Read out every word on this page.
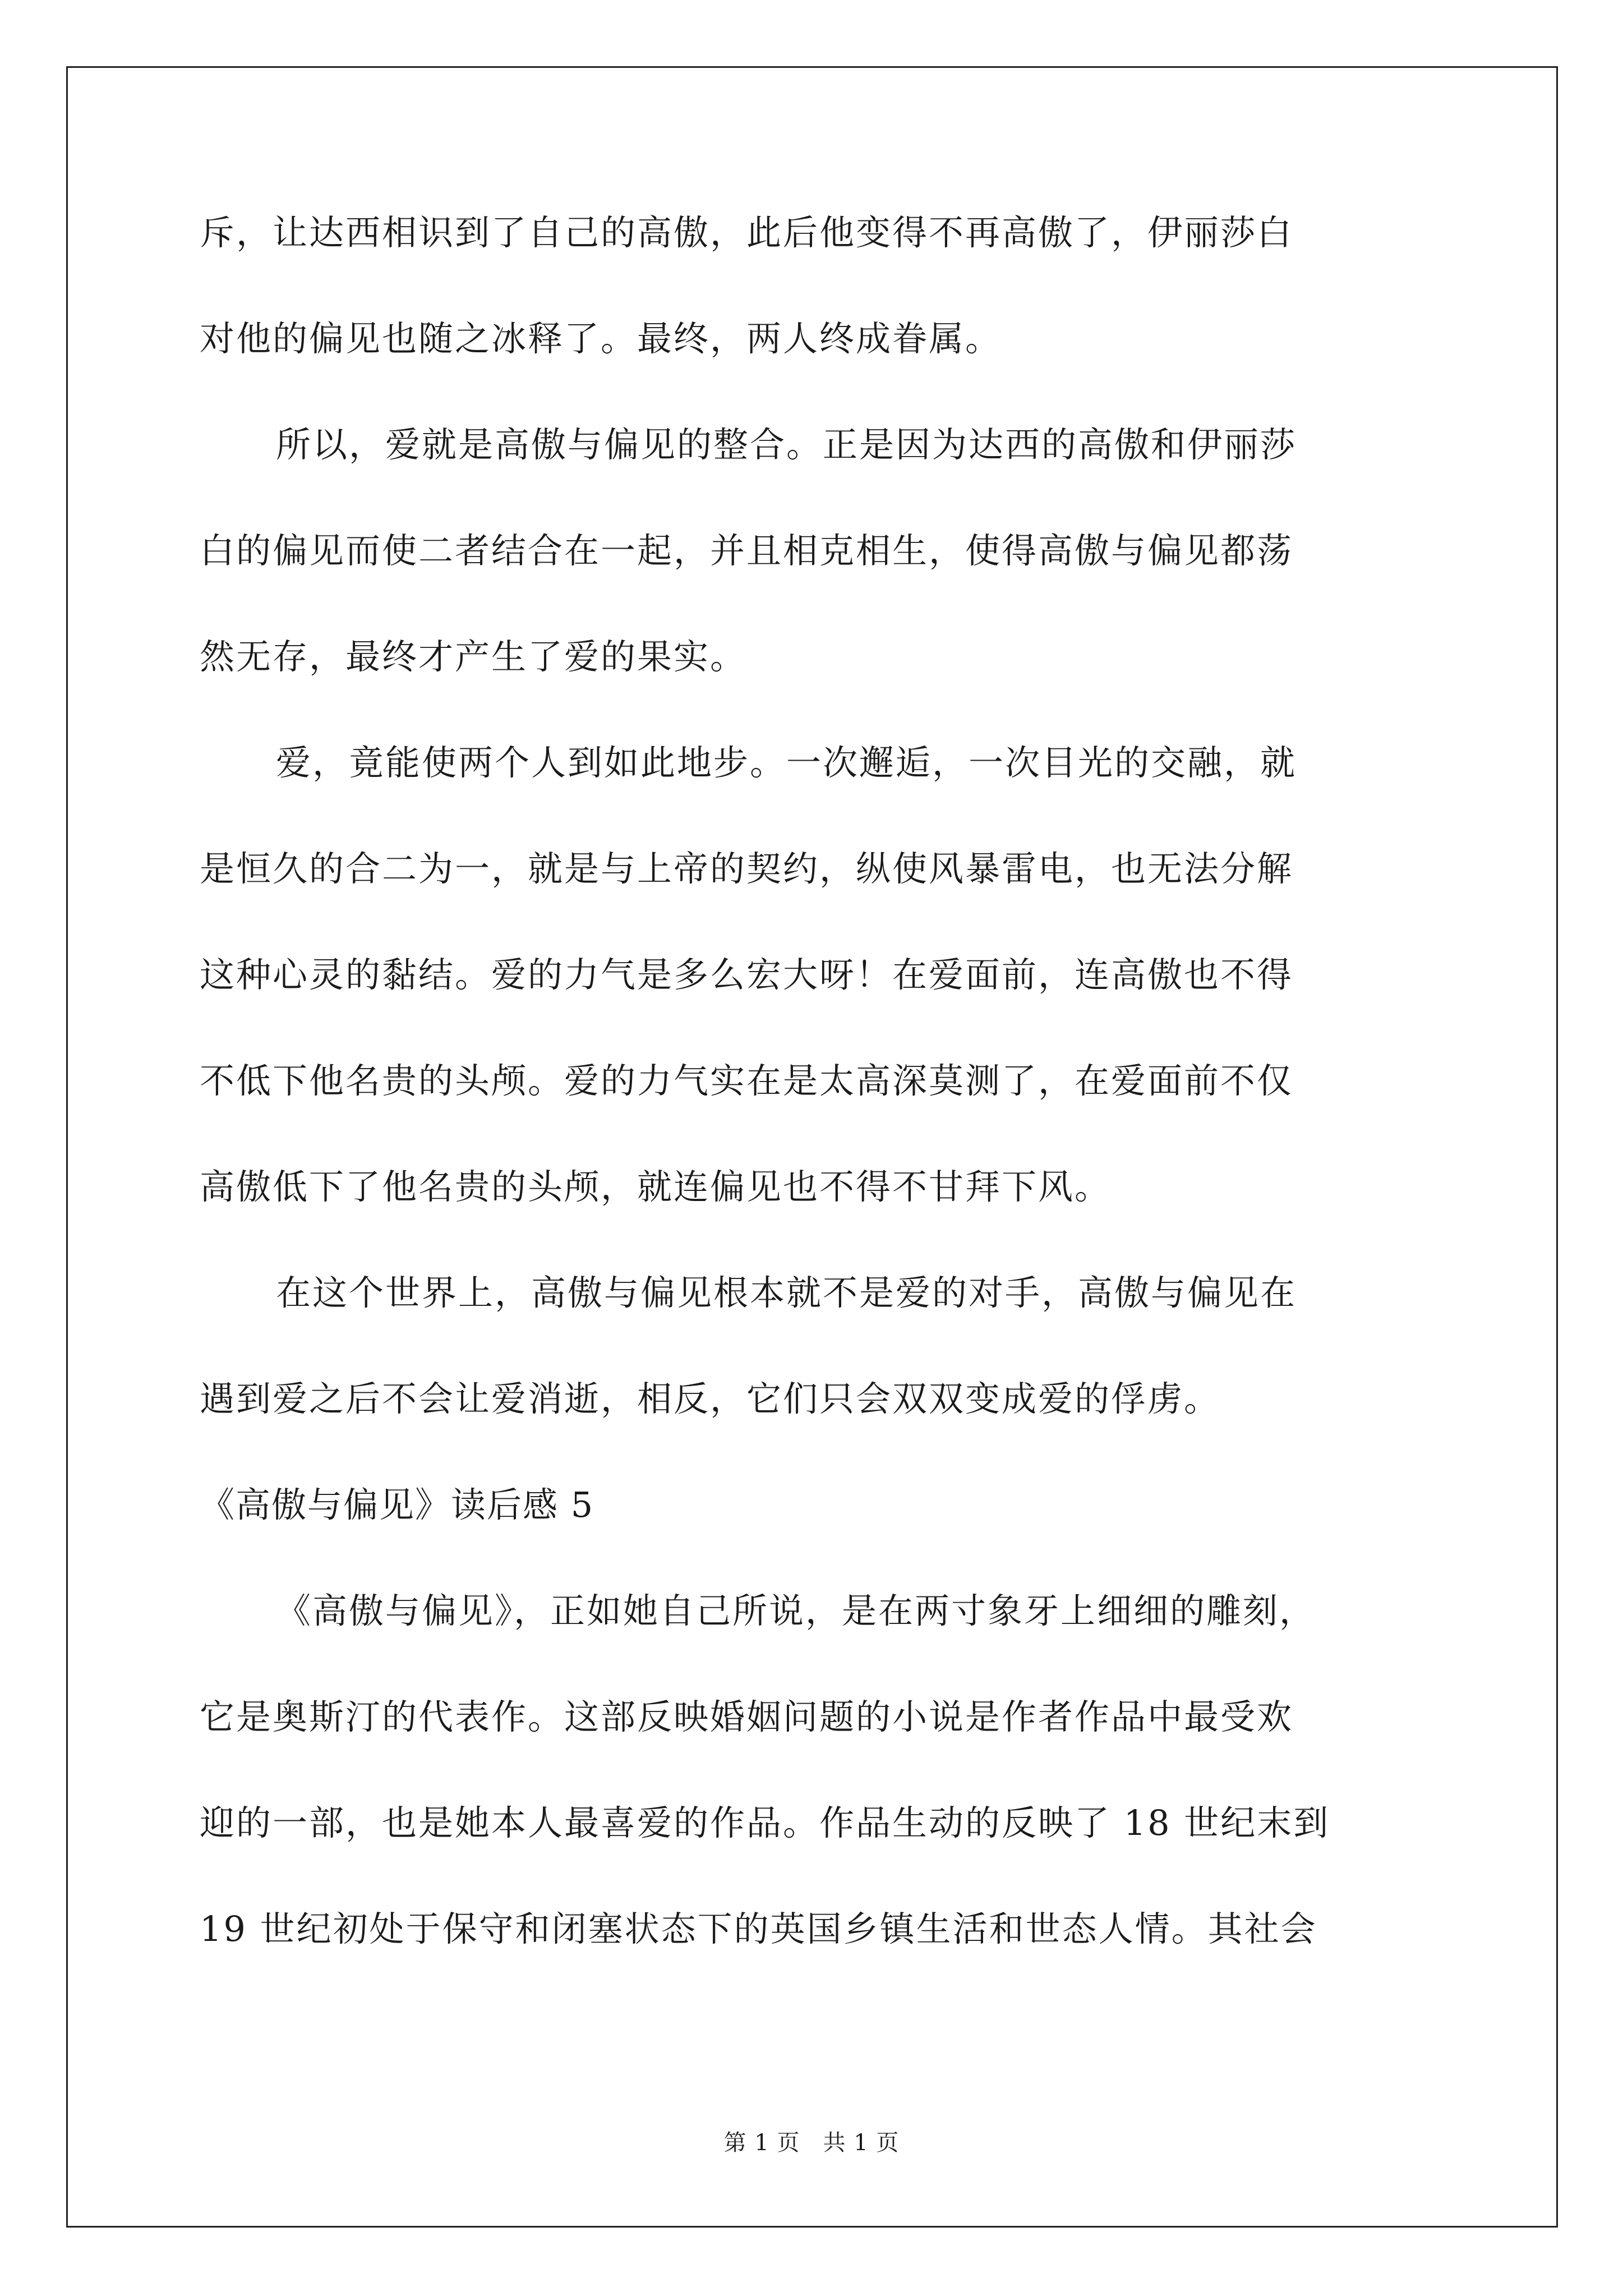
斥，让达西相识到了自己的高傲，此后他变得不再高傲了，伊丽莎白
对他的偏见也随之冰释了。最终，两人终成眷属。
所以，爱就是高傲与偏见的整合。正是因为达西的高傲和伊丽莎
白的偏见而使二者结合在一起，并且相克相生，使得高傲与偏见都荡
然无存，最终才产生了爱的果实。
爱，竟能使两个人到如此地步。一次邂逅，一次目光的交融，就
是恒久的合二为一，就是与上帝的契约，纵使风暴雷电，也无法分解
这种心灵的黏结。爱的力气是多么宏大呀！在爱面前，连高傲也不得
不低下他名贵的头颅。爱的力气实在是太高深莫测了，在爱面前不仅
高傲低下了他名贵的头颅，就连偏见也不得不甘拜下风。
在这个世界上，高傲与偏见根本就不是爱的对手，高傲与偏见在
遇到爱之后不会让爱消逝，相反，它们只会双双变成爱的俘虏。
《高傲与偏见》读后感 5
《高傲与偏见》，正如她自己所说，是在两寸象牙上细细的雕刻，
它是奥斯汀的代表作。这部反映婚姻问题的小说是作者作品中最受欢
迎的一部，也是她本人最喜爱的作品。作品生动的反映了 18 世纪末到
19 世纪初处于保守和闭塞状态下的英国乡镇生活和世态人情。其社会
第 1 页　共 1 页
